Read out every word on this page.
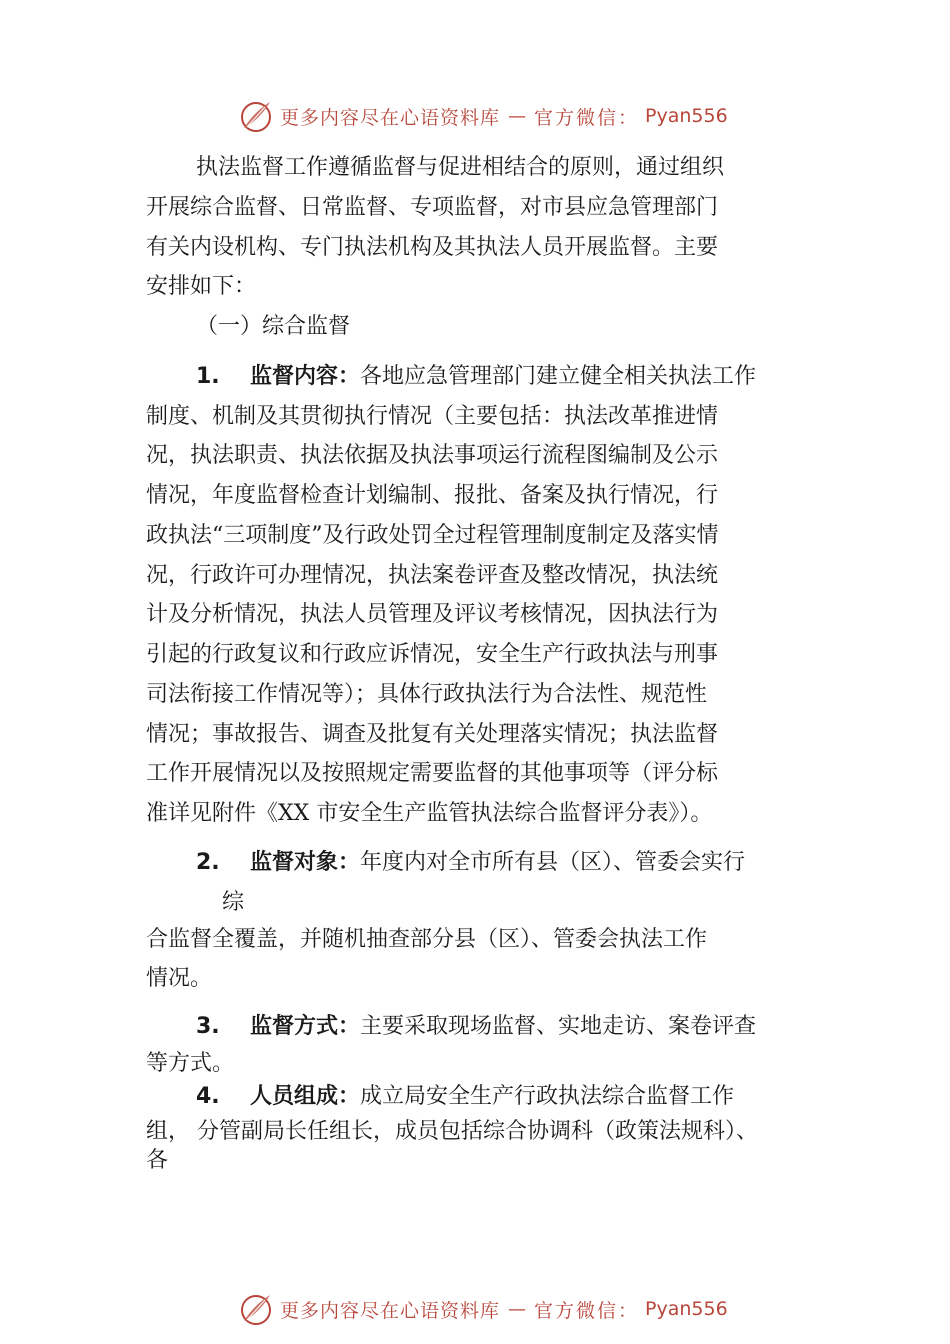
更多内容尽在心语资料库 — 官方微信： Pyan556

执法监督工作遵循监督与促进相结合的原则，通过组织

开展综合监督、日常监督、专项监督，对市县应急管理部门

有关内设机构、专门执法机构及其执法人员开展监督。主要

安排如下：

（一）综合监督

1. 监督内容：各地应急管理部门建立健全相关执法工作

制度、机制及其贯彻执行情况（主要包括：执法改革推进情

况，执法职责、执法依据及执法事项运行流程图编制及公示

情况，年度监督检查计划编制、报批、备案及执行情况，行

政执法“三项制度”及行政处罚全过程管理制度制定及落实情

况，行政许可办理情况，执法案卷评查及整改情况，执法统

计及分析情况，执法人员管理及评议考核情况，因执法行为

引起的行政复议和行政应诉情况，安全生产行政执法与刑事

司法衔接工作情况等）；具体行政执法行为合法性、规范性

情况；事故报告、调查及批复有关处理落实情况；执法监督

工作开展情况以及按照规定需要监督的其他事项等（评分标

准详见附件《XX 市安全生产监管执法综合监督评分表》）。

2. 监督对象：年度内对全市所有县（区）、管委会实行

综

合监督全覆盖，并随机抽查部分县（区）、管委会执法工作

情况。

3. 监督方式：主要采取现场监督、实地走访、案卷评查

等方式。

4. 人员组成：成立局安全生产行政执法综合监督工作

组， 分管副局长任组长，成员包括综合协调科（政策法规科）、

各

更多内容尽在心语资料库 — 官方微信： Pyan556
